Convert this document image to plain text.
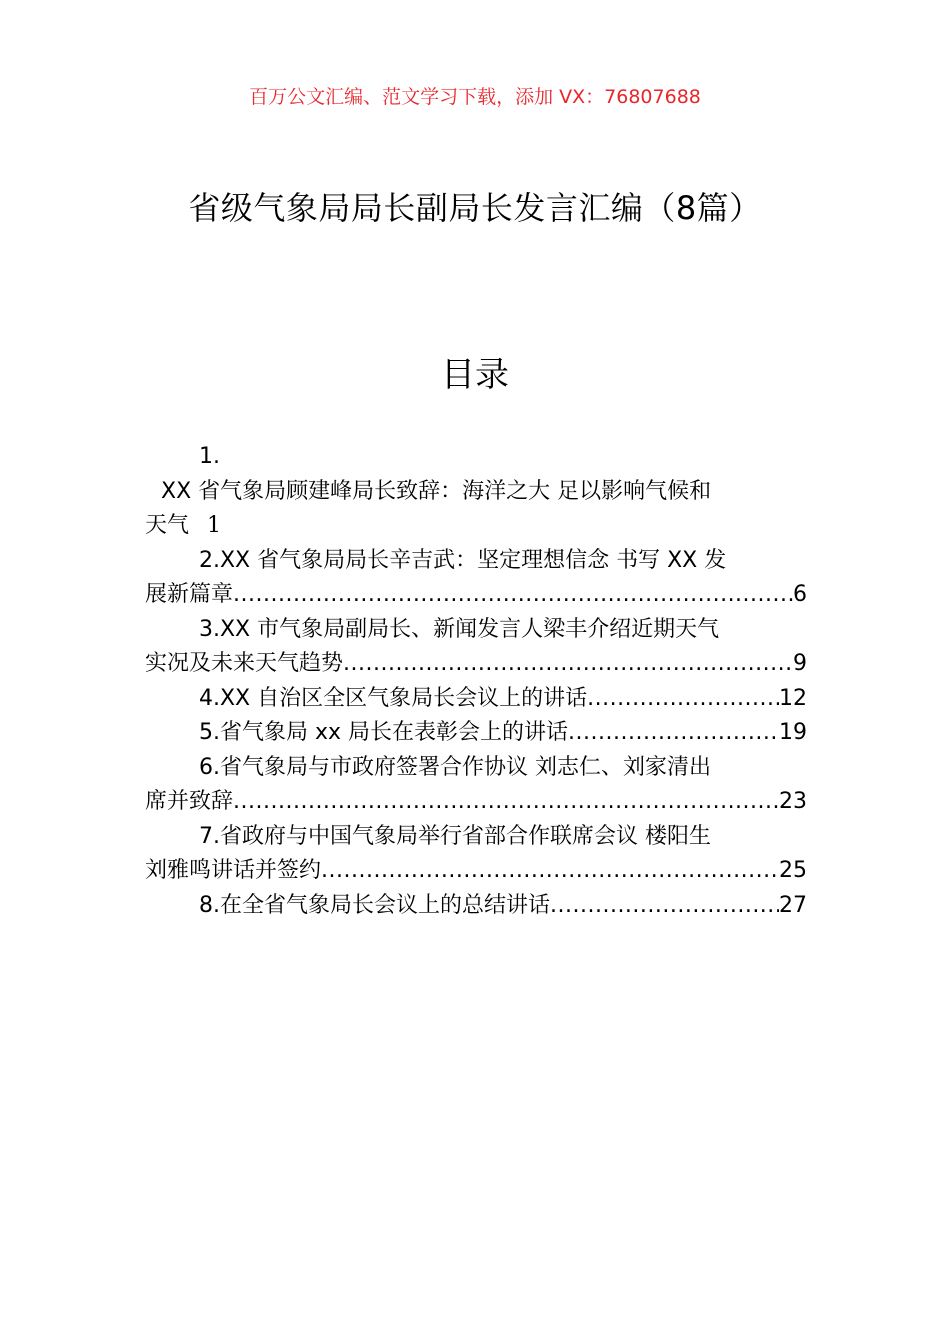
百万公文汇编、范文学习下载，添加 VX：76807688
省级气象局局长副局长发言汇编（8篇）
目录
1.
XX 省气象局顾建峰局长致辞：海洋之大 足以影响气候和
天气 1
2.XX 省气象局局长辛吉武：坚定理想信念 书写 XX 发
展新篇章 .....	6
3.XX 市气象局副局长、新闻发言人梁丰介绍近期天气
实况及未来天气趋势 .....	9
4.XX 自治区全区气象局长会议上的讲话 .....	12
5.省气象局 xx 局长在表彰会上的讲话 .....	19
6.省气象局与市政府签署合作协议 刘志仁、刘家清出
席并致辞 .....	23
7.省政府与中国气象局举行省部合作联席会议 楼阳生
刘雅鸣讲话并签约 .....	25
8.在全省气象局长会议上的总结讲话 .....	27
